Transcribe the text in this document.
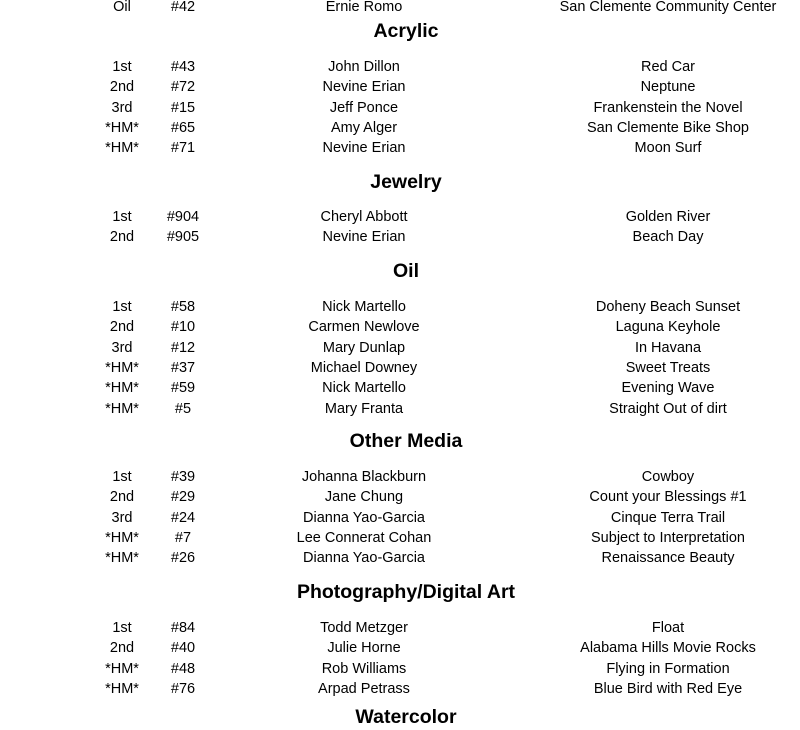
Oil	#42	Ernie Romo	San Clemente Community Center
Acrylic
1st	#43	John Dillon	Red Car
2nd	#72	Nevine Erian	Neptune
3rd	#15	Jeff Ponce	Frankenstein the Novel
*HM*	#65	Amy Alger	San Clemente Bike Shop
*HM*	#71	Nevine Erian	Moon Surf
Jewelry
1st	#904	Cheryl Abbott	Golden River
2nd	#905	Nevine Erian	Beach Day
Oil
1st	#58	Nick Martello	Doheny Beach Sunset
2nd	#10	Carmen Newlove	Laguna Keyhole
3rd	#12	Mary Dunlap	In Havana
*HM*	#37	Michael Downey	Sweet Treats
*HM*	#59	Nick Martello	Evening Wave
*HM*	#5	Mary Franta	Straight Out of dirt
Other Media
1st	#39	Johanna Blackburn	Cowboy
2nd	#29	Jane Chung	Count your Blessings #1
3rd	#24	Dianna Yao-Garcia	Cinque Terra Trail
*HM*	#7	Lee Connerat Cohan	Subject to Interpretation
*HM*	#26	Dianna Yao-Garcia	Renaissance Beauty
Photography/Digital Art
1st	#84	Todd Metzger	Float
2nd	#40	Julie Horne	Alabama Hills Movie Rocks
*HM*	#48	Rob Williams	Flying in Formation
*HM*	#76	Arpad Petrass	Blue Bird with Red Eye
Watercolor
